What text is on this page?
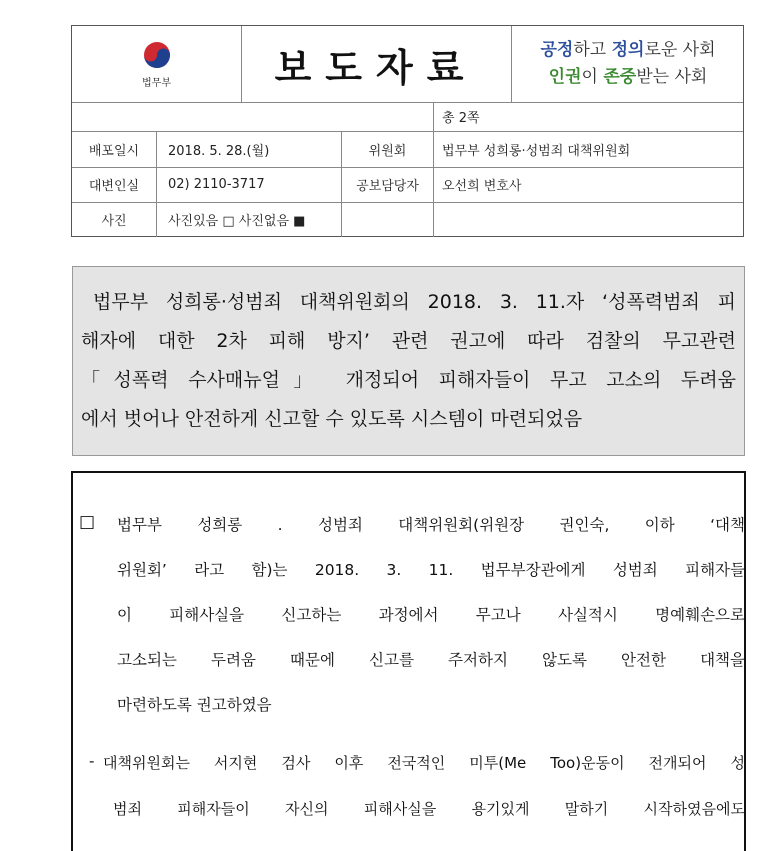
법무부	보도자료	공정하고 정의로운 사회
인권이 존중받는 사회
총 2쪽
배포일시	2018. 5. 28.(월)	위원회	법무부 성희롱·성범죄 대책위원회
대변인실	02) 2110-3717	공보담당자	오선희 변호사
사진	사진있음 □ 사진없음 ■

법무부 성희롱·성범죄 대책위원회의 2018. 3. 11.자 ‘성폭력범죄 피
해자에 대한 2차 피해 방지’ 관련 권고에 따라 검찰의 무고관련
「성폭력 수사매뉴얼」 개정되어 피해자들이 무고 고소의 두려움
에서 벗어나 안전하게 신고할 수 있도록 시스템이 마련되었음

□ 법무부 성희롱 . 성범죄 대책위원회(위원장 권인숙, 이하 ‘대책
위원회’ 라고 함)는 2018. 3. 11. 법무부장관에게 성범죄 피해자들
이 피해사실을 신고하는 과정에서 무고나 사실적시 명예훼손으로
고소되는 두려움 때문에 신고를 주저하지 않도록 안전한 대책을
마련하도록 권고하였음
- 대책위원회는 서지현 검사 이후 전국적인 미투(Me Too)운동이 전개되어 성
범죄 피해자들이 자신의 피해사실을 용기있게 말하기 시작하였음에도
